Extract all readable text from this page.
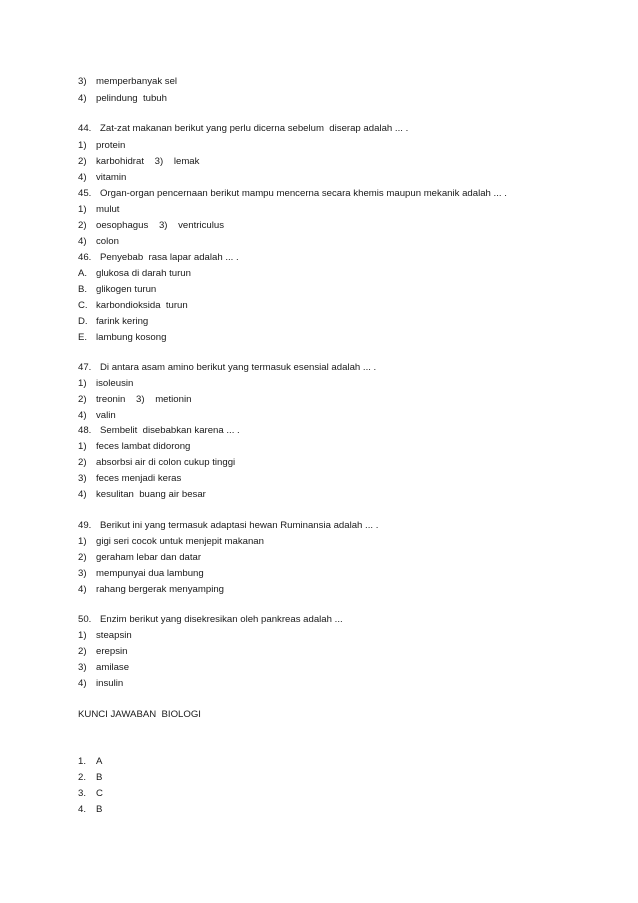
3) memperbanyak sel
4) pelindung  tubuh
44. Zat-zat makanan berikut yang perlu dicerna sebelum  diserap adalah ... .
1) protein
2) karbohidrat    3)    lemak
4) vitamin
45. Organ-organ pencernaan berikut mampu mencerna secara khemis maupun mekanik adalah ... .
1) mulut
2) oesophagus    3)    ventriculus
4) colon
46. Penyebab  rasa lapar adalah ... .
A. glukosa di darah turun
B. glikogen turun
C. karbondioksida  turun
D. farink kering
E. lambung kosong
47. Di antara asam amino berikut yang termasuk esensial adalah ... .
1) isoleusin
2) treonin    3)    metionin
4) valin
48. Sembelit  disebabkan karena ... .
1) feces lambat didorong
2) absorbsi air di colon cukup tinggi
3) feces menjadi keras
4) kesulitan  buang air besar
49. Berikut ini yang termasuk adaptasi hewan Ruminansia adalah ... .
1) gigi seri cocok untuk menjepit makanan
2) geraham lebar dan datar
3) mempunyai dua lambung
4) rahang bergerak menyamping
50. Enzim berikut yang disekresikan oleh pankreas adalah ...
1) steapsin
2) erepsin
3) amilase
4) insulin
KUNCI JAWABAN  BIOLOGI
1. A
2. B
3. C
4. B
